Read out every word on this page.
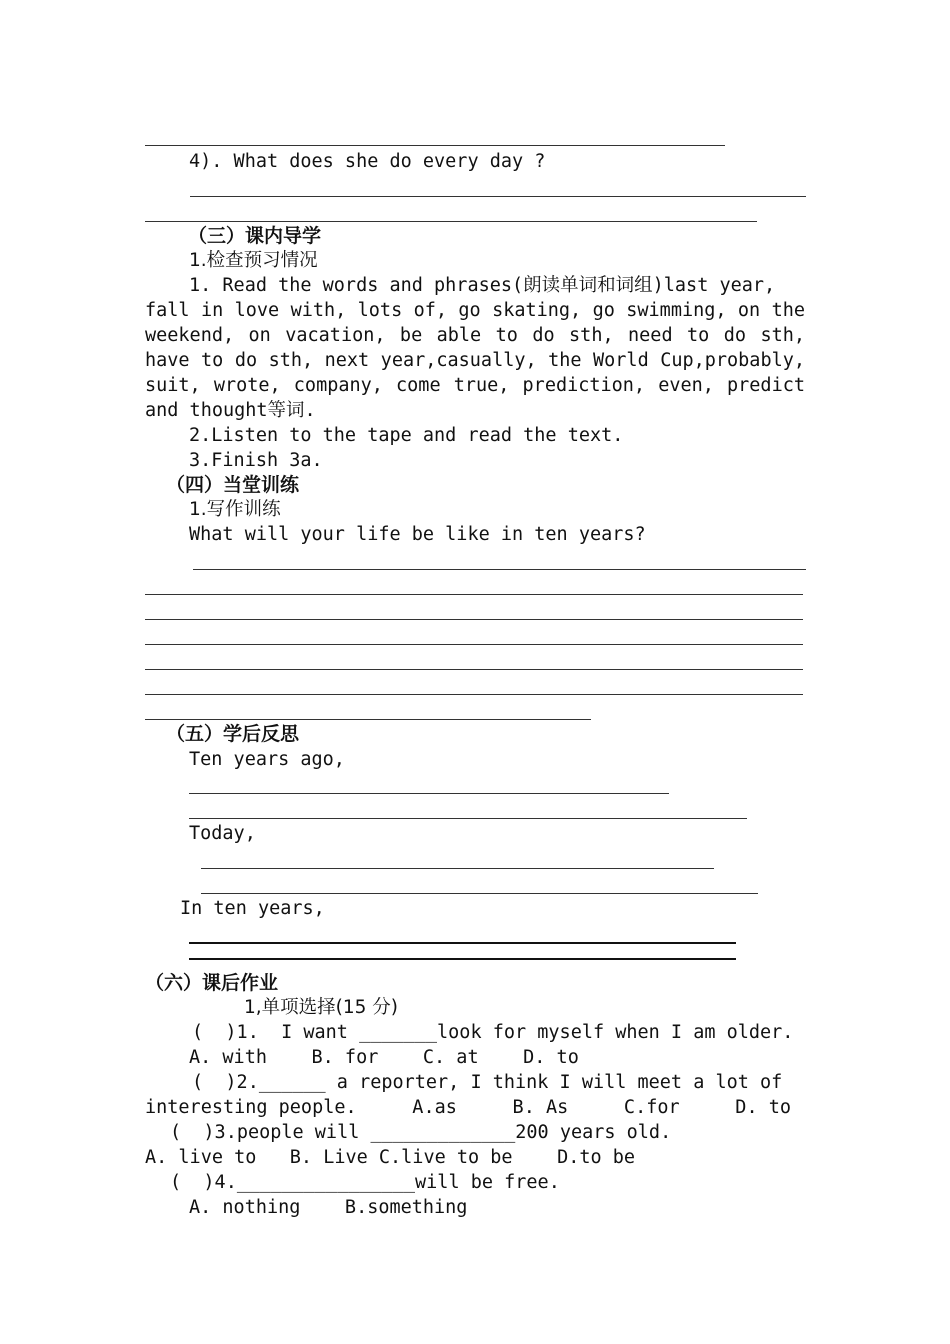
4). What does she do every day ?
（三）课内导学
1.检查预习情况
1. Read the words and phrases(朗读单词和词组)last year,
fall in love with, lots of, go skating, go swimming, on the
weekend, on vacation, be able to do sth, need to do sth,
have to do sth, next year,casually, the World Cup,probably,
suit, wrote, company, come true, prediction, even, predict
and thought等词.
2.Listen to the tape and read the text.
3.Finish 3a.
（四）当堂训练
1.写作训练
What will your life be like in ten years?
（五）学后反思
Ten years ago,
Today,
In ten years,
（六）课后作业
1,单项选择(15 分)
(  )1.  I want _______look for myself when I am older.
A. with    B. for    C. at    D. to
(  )2.______ a reporter, I think I will meet a lot of
interesting people.     A.as     B. As     C.for     D. to
(  )3.people will _____________200 years old.
A. live to   B. Live C.live to be    D.to be
(  )4.________________will be free.
A. nothing    B.something
